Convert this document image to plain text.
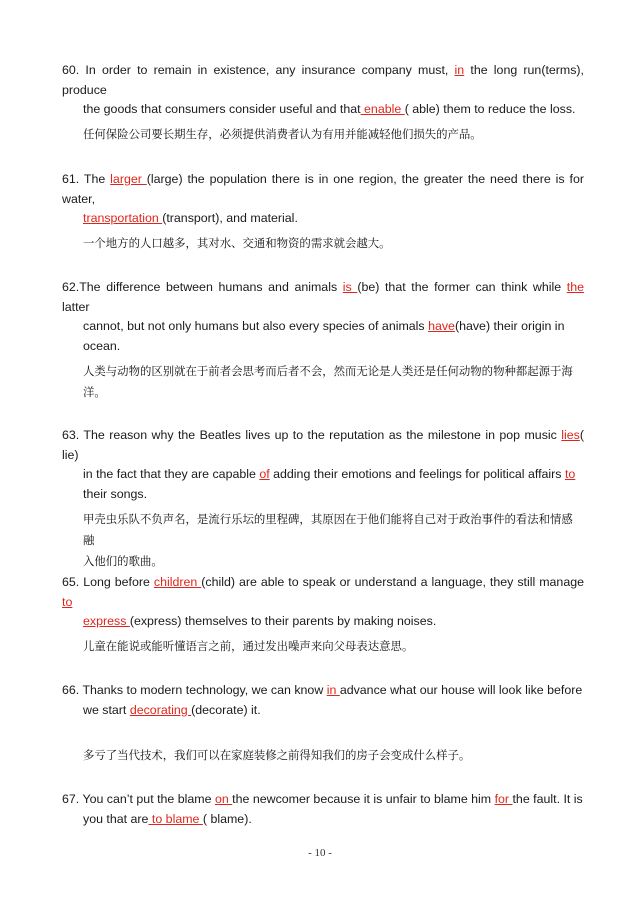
60. In order to remain in existence, any insurance company must, in the long run(terms), produce
the goods that consumers consider useful and that enable ( able) them to reduce the loss.
任何保险公司要长期生存，必须提供消费者认为有用并能减轻他们损失的产品。
61. The larger (large) the population there is in one region, the greater the need there is for water,
transportation (transport), and material.
一个地方的人口越多，其对水、交通和物资的需求就会越大。
62.The difference between humans and animals is (be) that the former can think while the latter
cannot, but not only humans but also every species of animals have(have) their origin in
ocean.
人类与动物的区别就在于前者会思考而后者不会，然而无论是人类还是任何动物的物种都起源于海
洋。
63. The reason why the Beatles lives up to the reputation as the milestone in pop music lies( lie)
in the fact that they are capable of adding their emotions and feelings for political affairs to
their songs.
甲壳虫乐队不负声名，是流行乐坛的里程碑，其原因在于他们能将自己对于政治事件的看法和情感融
入他们的歌曲。
65. Long before children (child) are able to speak or understand a language, they still manage to
express (express) themselves to their parents by making noises.
儿童在能说或能听懂语言之前，通过发出噪声来向父母表达意思。
66. Thanks to modern technology, we can know in advance what our house will look like before
we start decorating (decorate) it.
多亏了当代技术，我们可以在家庭装修之前得知我们的房子会变成什么样子。
67. You can’t put the blame on the newcomer because it is unfair to blame him for the fault. It is
you that are to blame ( blame).
- 10 -
